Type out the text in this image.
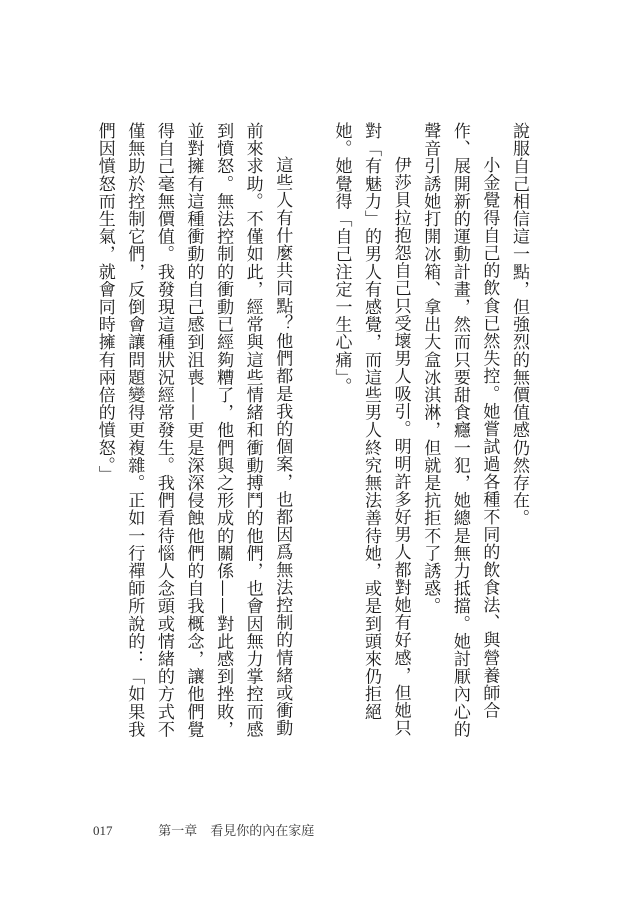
說服自己相信這一點，但強烈的無價值感仍然存在。

小金覺得自己的飲食已然失控。她嘗試過各種不同的飲食法、與營養師合作、展開新的運動計畫，然而只要甜食癮一犯，她總是無力抵擋。她討厭內心的聲音引誘她打開冰箱、拿出大盒冰淇淋，但就是抗拒不了誘惑。

伊莎貝拉抱怨自己只受壞男人吸引。明明許多好男人都對她有好感，但她只對「有魅力」的男人有感覺，而這些男人終究無法善待她，或是到頭來仍拒絕她。她覺得「自己注定一生心痛」。

這些人有什麼共同點？他們都是我的個案，也都因爲無法控制的情緒或衝動前來求助。不僅如此，經常與這些情緒和衝動搏鬥的他們，也會因無力掌控而感到憤怒。無法控制的衝動已經夠糟了，他們與之形成的關係——對此感到挫敗，並對擁有這種衝動的自己感到沮喪——更是深深侵蝕他們的自我概念，讓他們覺得自己毫無價值。我發現這種狀況經常發生。我們看待惱人念頭或情緒的方式不僅無助於控制它們，反倒會讓問題變得更複雜。正如一行禪師所說的：「如果我們因憤怒而生氣，就會同時擁有兩倍的憤怒。」

017	第一章　看見你的內在家庭
